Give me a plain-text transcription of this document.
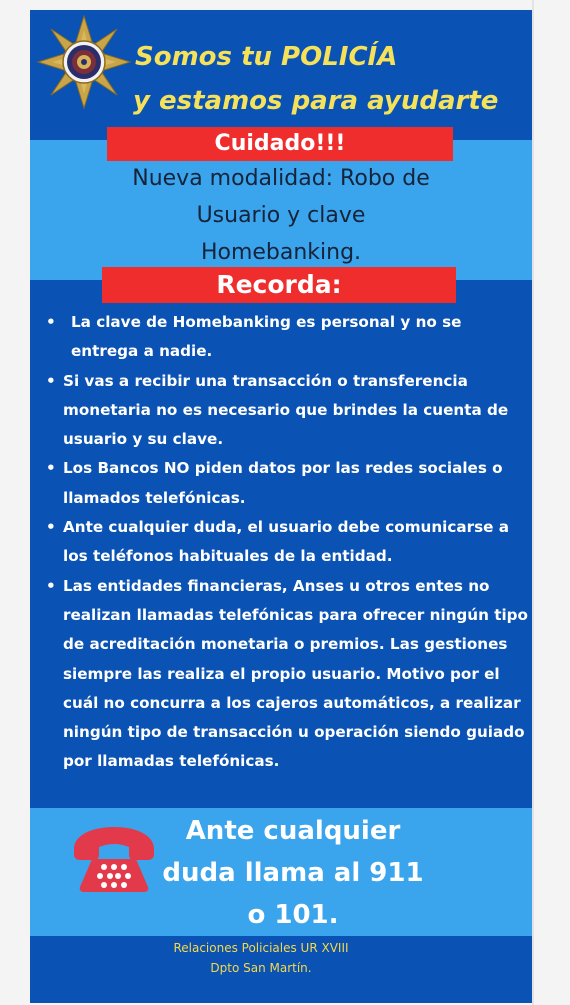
Somos tu POLICÍA
y estamos para ayudarte
Cuidado!!!
Nueva modalidad: Robo de
Usuario y clave
Homebanking.
Recorda:
• La clave de Homebanking es personal y no se entrega a nadie.
• Si vas a recibir una transacción o transferencia monetaria no es necesario que brindes la cuenta de usuario y su clave.
• Los Bancos NO piden datos por las redes sociales o llamados telefónicas.
• Ante cualquier duda, el usuario debe comunicarse a los teléfonos habituales de la entidad.
• Las entidades financieras, Anses u otros entes no realizan llamadas telefónicas para ofrecer ningún tipo de acreditación monetaria o premios. Las gestiones siempre las realiza el propio usuario. Motivo por el cuál no concurra a los cajeros automáticos, a realizar ningún tipo de transacción u operación siendo guiado por llamadas telefónicas.
Ante cualquier
duda llama al 911
o 101.
Relaciones Policiales UR XVIII
Dpto San Martín.
